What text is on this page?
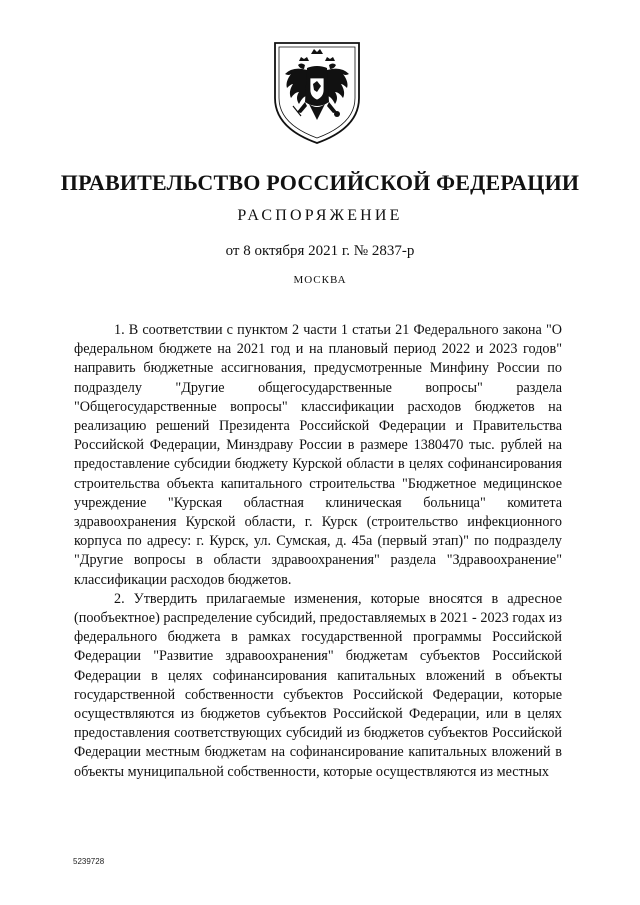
ПРАВИТЕЛЬСТВО РОССИЙСКОЙ ФЕДЕРАЦИИ
РАСПОРЯЖЕНИЕ
от 8 октября 2021 г. № 2837-р
МОСКВА

1. В соответствии с пунктом 2 части 1 статьи 21 Федерального закона "О федеральном бюджете на 2021 год и на плановый период 2022 и 2023 годов" направить бюджетные ассигнования, предусмотренные Минфину России по подразделу "Другие общегосударственные вопросы" раздела "Общегосударственные вопросы" классификации расходов бюджетов на реализацию решений Президента Российской Федерации и Правительства Российской Федерации, Минздраву России в размере 1380470 тыс. рублей на предоставление субсидии бюджету Курской области в целях софинансирования строительства объекта капитального строительства "Бюджетное медицинское учреждение "Курская областная клиническая больница" комитета здравоохранения Курской области, г. Курск (строительство инфекционного корпуса по адресу: г. Курск, ул. Сумская, д. 45а (первый этап)" по подразделу "Другие вопросы в области здравоохранения" раздела "Здравоохранение" классификации расходов бюджетов.

2. Утвердить прилагаемые изменения, которые вносятся в адресное (пообъектное) распределение субсидий, предоставляемых в 2021 - 2023 годах из федерального бюджета в рамках государственной программы Российской Федерации "Развитие здравоохранения" бюджетам субъектов Российской Федерации в целях софинансирования капитальных вложений в объекты государственной собственности субъектов Российской Федерации, которые осуществляются из бюджетов субъектов Российской Федерации, или в целях предоставления соответствующих субсидий из бюджетов субъектов Российской Федерации местным бюджетам на софинансирование капитальных вложений в объекты муниципальной собственности, которые осуществляются из местных

5239728
